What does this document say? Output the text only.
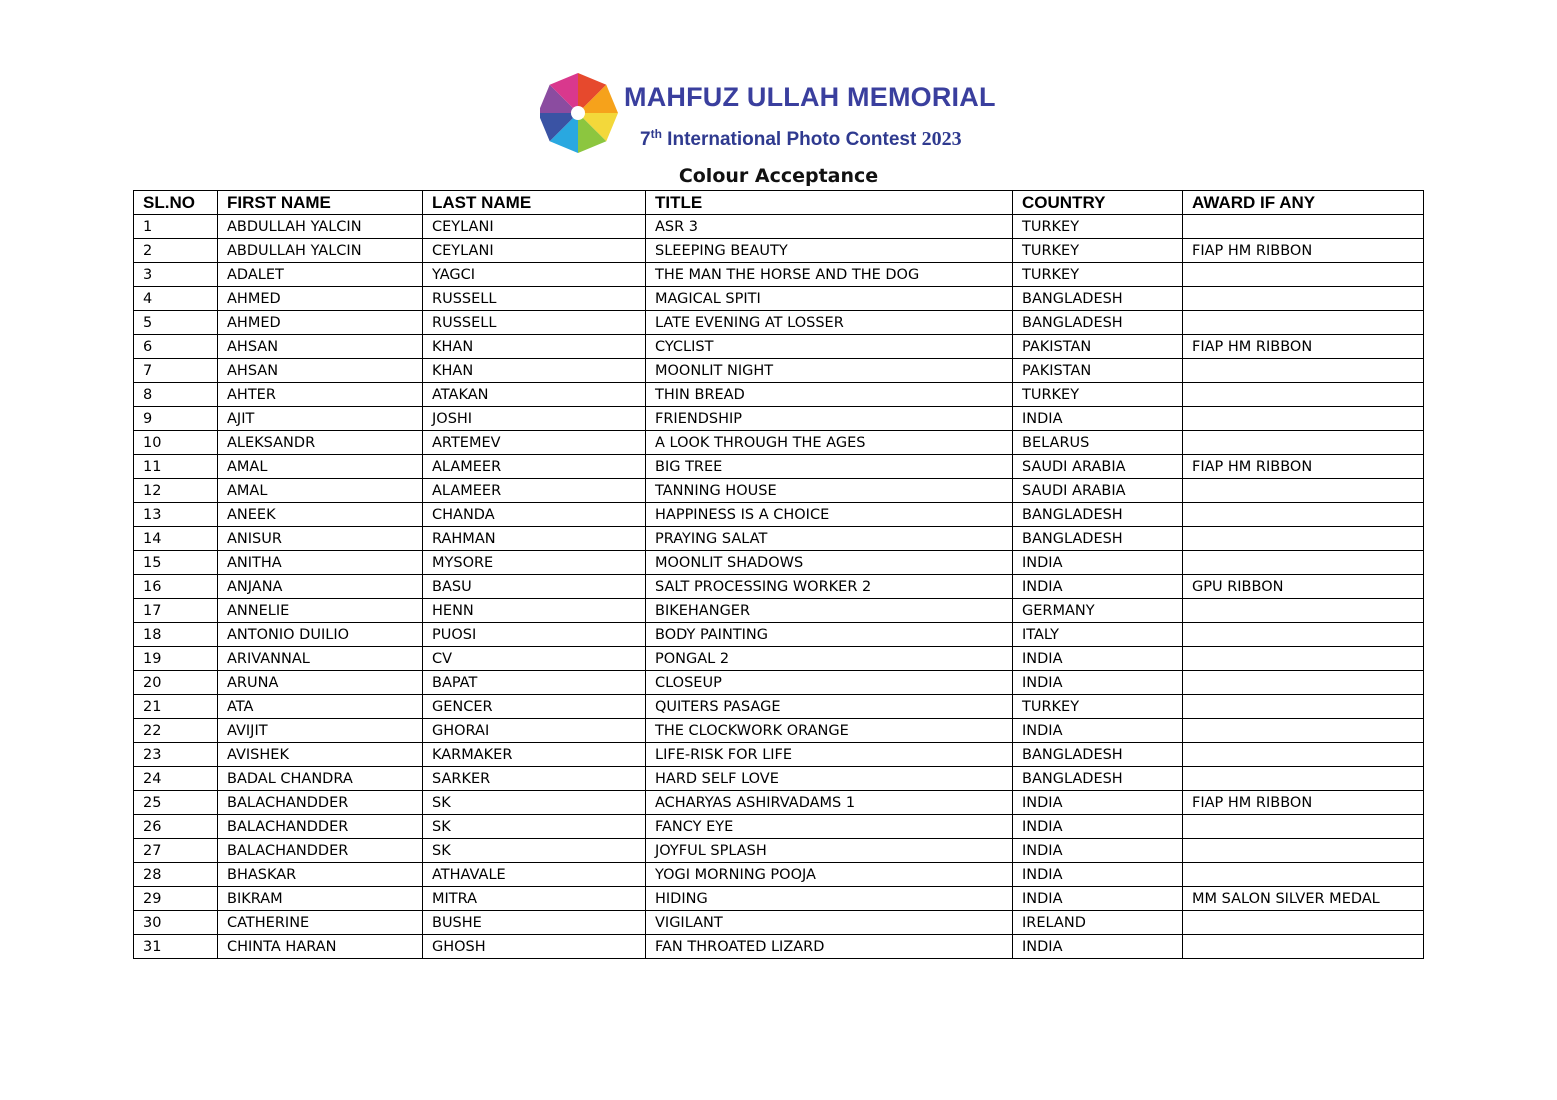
MAHFUZ ULLAH MEMORIAL
7th International Photo Contest 2023
Colour Acceptance
SL.NO	FIRST NAME	LAST NAME	TITLE	COUNTRY	AWARD IF ANY
1	ABDULLAH YALCIN	CEYLANI	ASR 3	TURKEY	
2	ABDULLAH YALCIN	CEYLANI	SLEEPING BEAUTY	TURKEY	FIAP HM RIBBON
3	ADALET	YAGCI	THE MAN THE HORSE AND THE DOG	TURKEY	
4	AHMED	RUSSELL	MAGICAL SPITI	BANGLADESH	
5	AHMED	RUSSELL	LATE EVENING AT LOSSER	BANGLADESH	
6	AHSAN	KHAN	CYCLIST	PAKISTAN	FIAP HM RIBBON
7	AHSAN	KHAN	MOONLIT NIGHT	PAKISTAN	
8	AHTER	ATAKAN	THIN BREAD	TURKEY	
9	AJIT	JOSHI	FRIENDSHIP	INDIA	
10	ALEKSANDR	ARTEMEV	A LOOK THROUGH THE AGES	BELARUS	
11	AMAL	ALAMEER	BIG TREE	SAUDI ARABIA	FIAP HM RIBBON
12	AMAL	ALAMEER	TANNING HOUSE	SAUDI ARABIA	
13	ANEEK	CHANDA	HAPPINESS IS A CHOICE	BANGLADESH	
14	ANISUR	RAHMAN	PRAYING SALAT	BANGLADESH	
15	ANITHA	MYSORE	MOONLIT SHADOWS	INDIA	
16	ANJANA	BASU	SALT PROCESSING WORKER 2	INDIA	GPU RIBBON
17	ANNELIE	HENN	BIKEHANGER	GERMANY	
18	ANTONIO DUILIO	PUOSI	BODY PAINTING	ITALY	
19	ARIVANNAL	CV	PONGAL 2	INDIA	
20	ARUNA	BAPAT	CLOSEUP	INDIA	
21	ATA	GENCER	QUITERS PASAGE	TURKEY	
22	AVIJIT	GHORAI	THE CLOCKWORK ORANGE	INDIA	
23	AVISHEK	KARMAKER	LIFE-RISK FOR LIFE	BANGLADESH	
24	BADAL CHANDRA	SARKER	HARD SELF LOVE	BANGLADESH	
25	BALACHANDDER	SK	ACHARYAS ASHIRVADAMS 1	INDIA	FIAP HM RIBBON
26	BALACHANDDER	SK	FANCY EYE	INDIA	
27	BALACHANDDER	SK	JOYFUL SPLASH	INDIA	
28	BHASKAR	ATHAVALE	YOGI MORNING POOJA	INDIA	
29	BIKRAM	MITRA	HIDING	INDIA	MM SALON SILVER MEDAL
30	CATHERINE	BUSHE	VIGILANT	IRELAND	
31	CHINTA HARAN	GHOSH	FAN THROATED LIZARD	INDIA	
